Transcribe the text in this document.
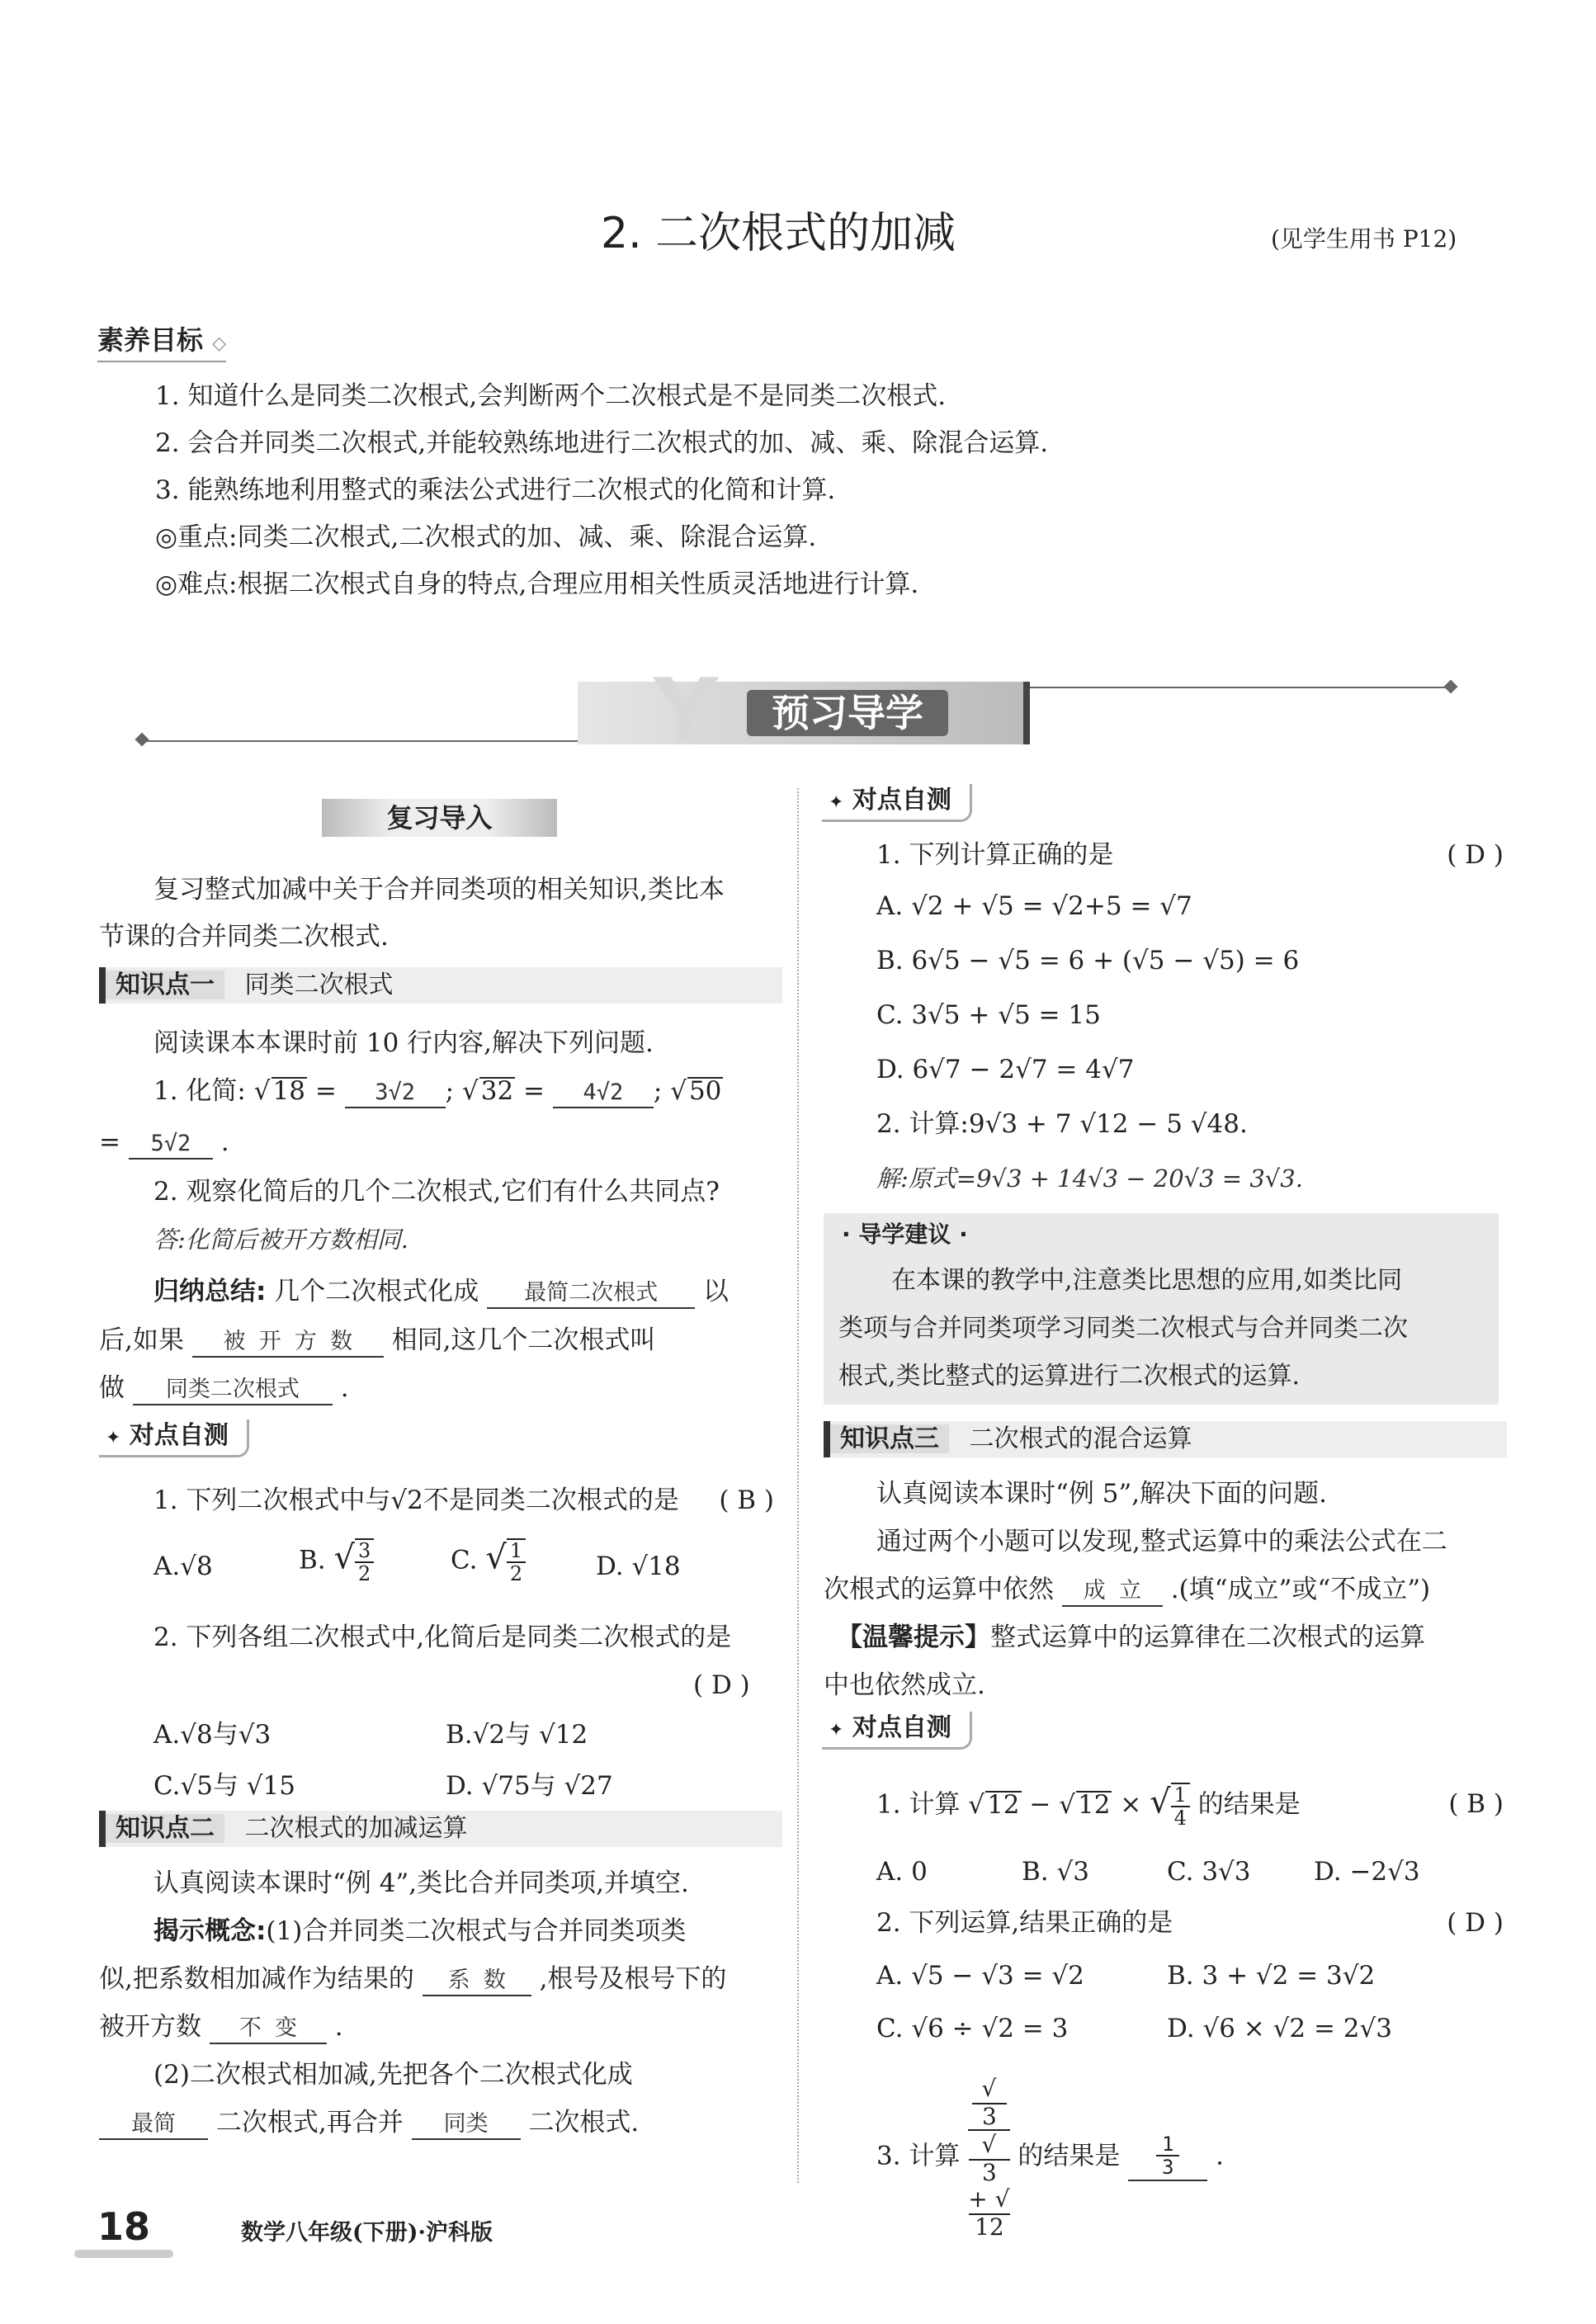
2. 二次根式的加减	(见学生用书 P12)
素养目标 ◇
1. 知道什么是同类二次根式,会判断两个二次根式是不是同类二次根式.
2. 会合并同类二次根式,并能较熟练地进行二次根式的加、减、乘、除混合运算.
3. 能熟练地利用整式的乘法公式进行二次根式的化简和计算.
◎重点:同类二次根式,二次根式的加、减、乘、除混合运算.
◎难点:根据二次根式自身的特点,合理应用相关性质灵活地进行计算.
Y	预习导学
复习导入
复习整式加减中关于合并同类项的相关知识,类比本
节课的合并同类二次根式.
知识点一 同类二次根式
阅读课本本课时前 10 行内容,解决下列问题.
1. 化简: √18 = 3√2 ; √32 = 4√2 ; √50
= 5√2 .
2. 观察化简后的几个二次根式,它们有什么共同点?
答:化简后被开方数相同.
归纳总结: 几个二次根式化成 最简二次根式 以
后,如果 被 开 方 数 相同,这几个二次根式叫
做 同类二次根式 .
✦ 对点自测
1. 下列二次根式中与√2不是同类二次根式的是 ( B )
A.√8	B. √ $\frac{3}{2}$	C. √ $\frac{1}{2}$	D. √18
2. 下列各组二次根式中,化简后是同类二次根式的是
( D )
A.√8与√3	B.√2与 √12
C.√5与 √15	D. √75与 √27
知识点二 二次根式的加减运算
认真阅读本课时“例 4”,类比合并同类项,并填空.
揭示概念:(1)合并同类二次根式与合并同类项类
似,把系数相加减作为结果的 系 数 ,根号及根号下的
被开方数 不 变 .
(2)二次根式相加减,先把各个二次根式化成
最简 二次根式,再合并 同类 二次根式.
✦ 对点自测
1. 下列计算正确的是	( D )
A. √2 + √5 = √2+5 = √7
B. 6√5 − √5 = 6 + (√5 − √5) = 6
C. 3√5 + √5 = 15
D. 6√7 − 2√7 = 4√7
2. 计算:9√3 + 7 √12 − 5 √48.
解:原式=9√3 + 14√3 − 20√3 = 3√3.
· 导学建议 ·
在本课的教学中,注意类比思想的应用,如类比同
类项与合并同类项学习同类二次根式与合并同类二次
根式,类比整式的运算进行二次根式的运算.
知识点三 二次根式的混合运算
认真阅读本课时“例 5”,解决下面的问题.
通过两个小题可以发现,整式运算中的乘法公式在二
次根式的运算中依然 成 立 .(填“成立”或“不成立”)
【温馨提示】整式运算中的运算律在二次根式的运算
中也依然成立.
✦ 对点自测
1. 计算 √12 − √12 × √ $\frac{1}{4}$ 的结果是	( B )
A. 0	B. √3	C. 3√3 D. −2√3
2. 下列运算,结果正确的是	( D )
A. √5 − √3 = √2	B. 3 + √2 = 3√2
C. √6 ÷ √2 = 3	D. √6 × √2 = 2√3
3. 计算 √
3
√
3
+ √
12 的结果是 $\frac{1}{3}$ .
18	数学八年级(下册)·沪科版
